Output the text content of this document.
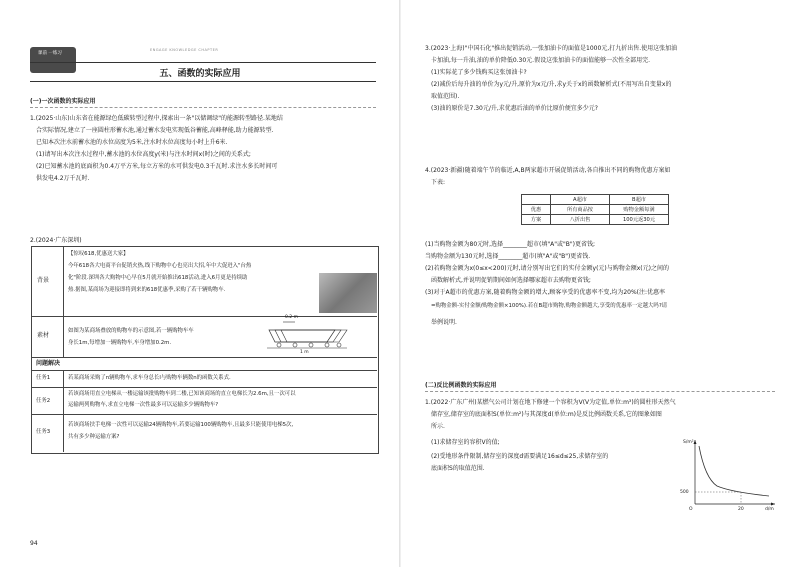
课前 一练习
ENGAGE KNOWLEDGE CHAPTER
五、函数的实际应用
(一)一次函数的实际应用
1.(2025·山东)山东省在能源绿色低碳转型过程中,探索出一条"以储调绿"的能源转型路径.某地结
合实际情况,建立了一座圆柱形蓄水池,通过蓄水发电实现低谷蓄能,高峰释能,助力能源转型.
已知本次注水前蓄水池的水位高度为5米,注水时水位高度每小时上升6米.
(1)请写出本次注水过程中,蓄水池的水位高度y(米)与注水时间x(时)之间的关系式;
(2)已知蓄水池的底面积为0.4万平方米,每立方米的水可供发电0.3千瓦时.求注水多长时间可
供发电4.2万千瓦时.
2.(2024·广东深圳)
背景
【惊叹618,优惠送大家】
今年618各大电商平台促销火热,线下购物中心也亮出大招,年中大促迸入"台热
化"阶段.深圳各大购物中心早在5月就开始推出618活动,进入6月更是持续助
热.据图,某商场为迎接即将到来的618优惠季,采购了若干辆购物车.
素材
如图为某商场叠放的购物车的示意图,若一辆购物车车
身长1m,每增加一辆购物车,车身增加0.2m.
0.2 m
1 m
问题解决
任务1	若某商场采购了n辆购物车,求车身总长l与购物车辆数n的函数关系式.
任务2
若该商场用直立电梯从一楼运输该批购物车到二楼,已知该商场的直立电梯长为2.6m,且一次可以
运输两列购物车,求直立电梯一次性最多可以运输多少辆购物车?
任务3
若该商场扶手电梯一次性可以运输24辆购物车,若要运输100辆购物车,且最多只能使用电梯5次,
共有多少种运输方案?
94
3.(2023·上海)"中国石化"推出促销活动,一张加油卡的面值是1000元,打九折出售.使用这张加油
卡加油,每一升油,油的单价降低0.30元.假设这张加油卡的面值能够一次性全部用完.
(1)实际花了多少钱购买这张加油卡?
(2)减价后每升油的单价为y元/升,原价为x元/升,求y关于x的函数解析式(不用写出自变量x的
取值范围).
(3)油的原价是7.30元/升,求优惠后油的单价比原价便宜多少元?
4.(2023·新疆)随着端午节的临近,A,B两家超市开展促销活动,各自推出不同的购物优惠方案如
下表:
	A超市	B超市
优惠	所有商品按	购物金额每满
方案	八折出售	100元返30元
(1)当购物金额为80元时,选择________超市(填"A"或"B")更省钱;
当购物金额为130元时,选择________超市(填"A"或"B")更省钱.
(2)若购物金额为x(0≤x<200)元时,请分别写出它们的实付金额y(元)与购物金额x(元)之间的
函数解析式,并说明促销期间如何选择哪家超市去购物更省钱;
(3)对于A超市的优惠方案,随着购物金额的增大,顾客享受的优惠率不变,均为20%(注:优惠率
=购物金额-实付金额/购物金额×100%).若在B超市购物,购物金额越大,享受的优惠率一定越大吗?请
举例说明.
(二)反比例函数的实际应用
1.(2022·广东广州)某燃气公司计划在地下修建一个容积为V(V为定值,单位:m³)的圆柱形天然气
储存室,储存室的底面积S(单位:m²)与其深度d(单位:m)是反比例函数关系,它的图象如图
所示.
(1)求储存室的容积V的值;
(2)受地形条件限制,储存室的深度d需要满足16≤d≤25,求储存室的
底面积S的取值范围.
S/m²
500
O	20	d/m
